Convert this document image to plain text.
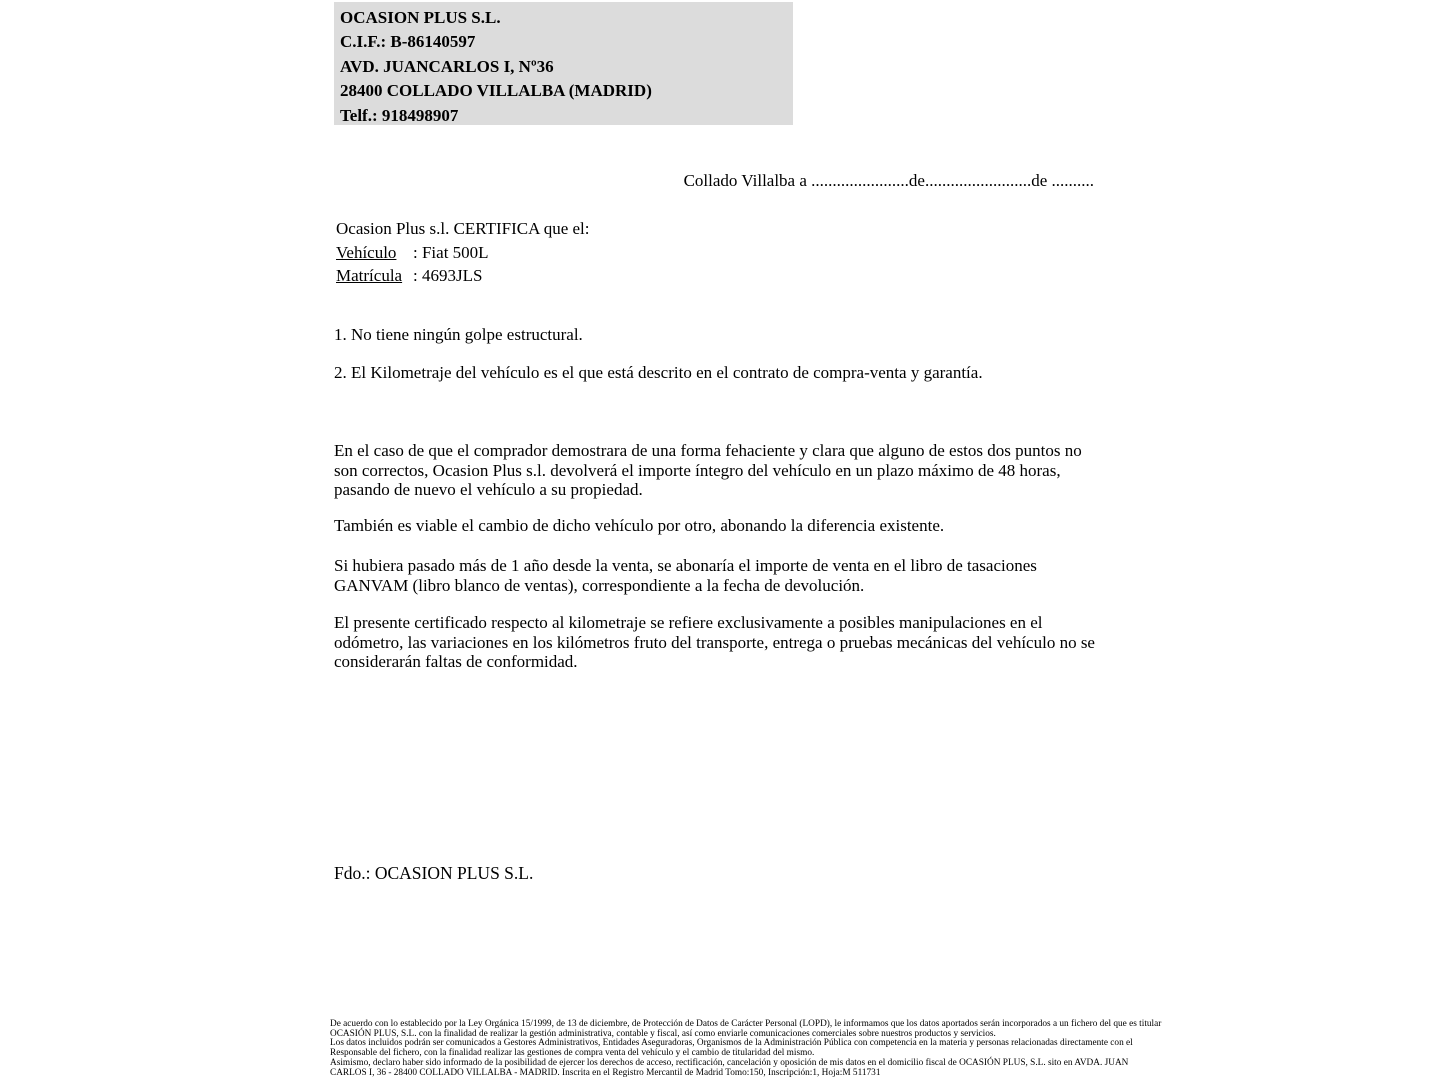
OCASION PLUS S.L.
C.I.F.: B-86140597
AVD. JUANCARLOS I, Nº36
28400 COLLADO VILLALBA (MADRID)
Telf.: 918498907
Collado Villalba a .......................de.........................de ..........
Ocasion Plus s.l. CERTIFICA que el:
Vehículo : Fiat 500L
Matrícula : 4693JLS
1. No tiene ningún golpe estructural.
2. El Kilometraje del vehículo es el que está descrito en el contrato de compra-venta y garantía.
En el caso de que el comprador demostrara de una forma fehaciente y clara que alguno de estos dos puntos no son correctos, Ocasion Plus s.l. devolverá el importe íntegro del vehículo en un plazo máximo de 48 horas, pasando de nuevo el vehículo a su propiedad.
También es viable el cambio de dicho vehículo por otro, abonando la diferencia existente.
Si hubiera pasado más de 1 año desde la venta, se abonaría el importe de venta en el libro de tasaciones GANVAM (libro blanco de ventas), correspondiente a la fecha de devolución.
El presente certificado respecto al kilometraje se refiere exclusivamente a posibles manipulaciones en el odómetro, las variaciones en los kilómetros fruto del transporte, entrega o pruebas mecánicas del vehículo no se considerarán faltas de conformidad.
Fdo.: OCASION PLUS S.L.
De acuerdo con lo establecido por la Ley Orgánica 15/1999, de 13 de diciembre, de Protección de Datos de Carácter Personal (LOPD), le informamos que los datos aportados serán incorporados a un fichero del que es titular
OCASIÓN PLUS, S.L. con la finalidad de realizar la gestión administrativa, contable y fiscal, así como enviarle comunicaciones comerciales sobre nuestros productos y servicios.
Los datos incluidos podrán ser comunicados a Gestores Administrativos, Entidades Aseguradoras, Organismos de la Administración Pública con competencia en la materia y personas relacionadas directamente con el
Responsable del fichero, con la finalidad realizar las gestiones de compra venta del vehículo y el cambio de titularidad del mismo.
Asimismo, declaro haber sido informado de la posibilidad de ejercer los derechos de acceso, rectificación, cancelación y oposición de mis datos en el domicilio fiscal de OCASIÓN PLUS, S.L. sito en AVDA. JUAN
CARLOS I, 36 - 28400 COLLADO VILLALBA - MADRID. Inscrita en el Registro Mercantil de Madrid Tomo:150, Inscripción:1, Hoja:M 511731
